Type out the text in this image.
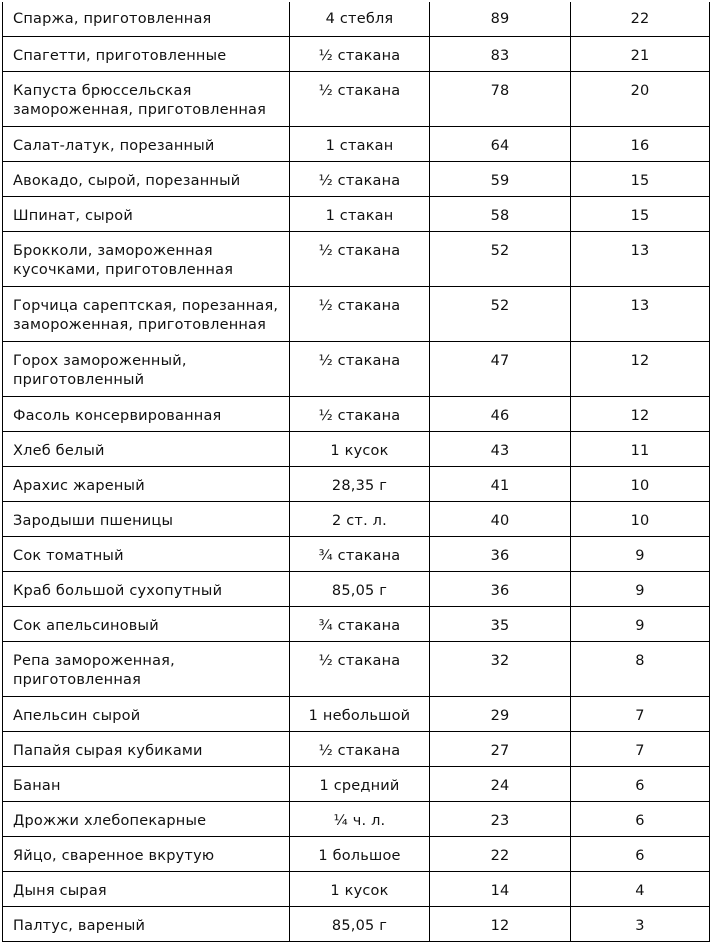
Спаржа, приготовленная	4 стебля	89	22

Спагетти, приготовленные	½ стакана	83	21

Капуста брюссельская замороженная, приготовленная	½ стакана	78	20

Салат-латук, порезанный	1 стакан	64	16

Авокадо, сырой, порезанный	½ стакана	59	15

Шпинат, сырой	1 стакан	58	15

Брокколи, замороженная кусочками, приготовленная	½ стакана	52	13

Горчица сарептская, порезанная, замороженная, приготовленная	½ стакана	52	13

Горох замороженный, приготовленный	½ стакана	47	12

Фасоль консервированная	½ стакана	46	12

Хлеб белый	1 кусок	43	11

Арахис жареный	28,35 г	41	10

Зародыши пшеницы	2 ст. л.	40	10

Сок томатный	¾ стакана	36	9

Краб большой сухопутный	85,05 г	36	9

Сок апельсиновый	¾ стакана	35	9

Репа замороженная, приготовленная	½ стакана	32	8

Апельсин сырой	1 небольшой	29	7

Папайя сырая кубиками	½ стакана	27	7

Банан	1 средний	24	6

Дрожжи хлебопекарные	¼ ч. л.	23	6

Яйцо, сваренное вкрутую	1 большое	22	6

Дыня сырая	1 кусок	14	4

Палтус, вареный	85,05 г	12	3
